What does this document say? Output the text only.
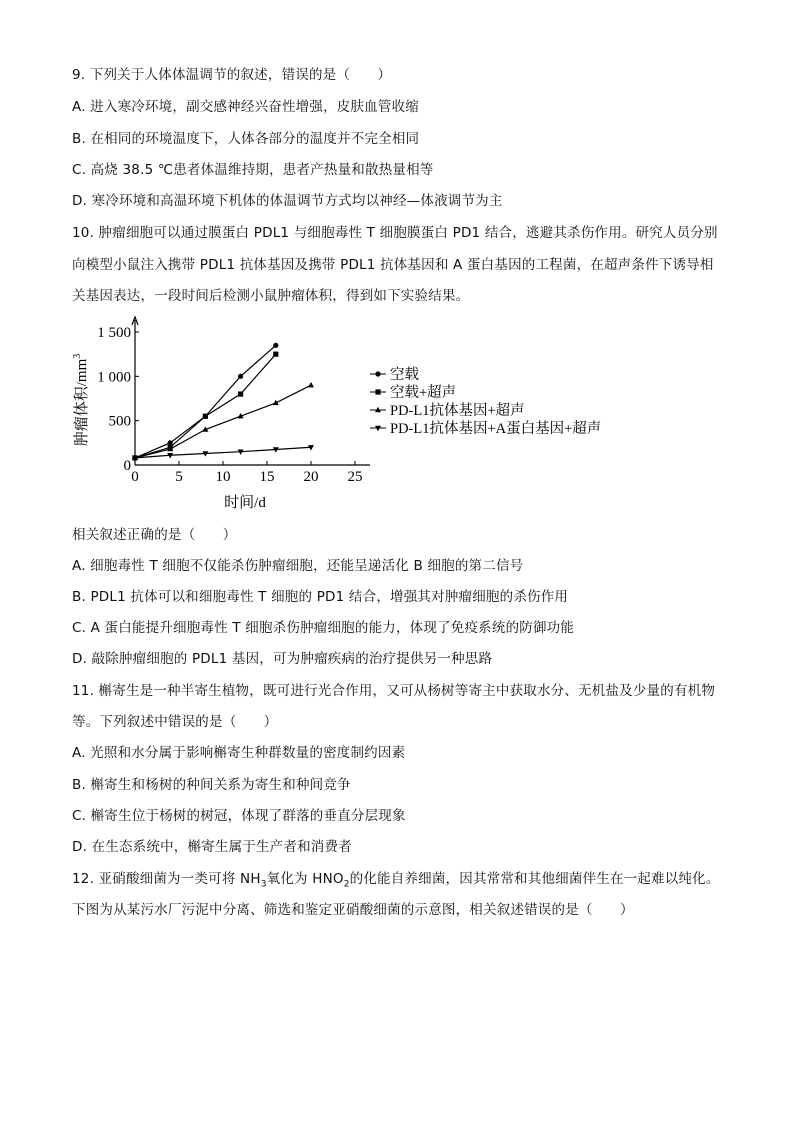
9. 下列关于人体体温调节的叙述，错误的是（　　）
A. 进入寒冷环境，副交感神经兴奋性增强，皮肤血管收缩
B. 在相同的环境温度下，人体各部分的温度并不完全相同
C. 高烧 38.5 ℃患者体温维持期，患者产热量和散热量相等
D. 寒冷环境和高温环境下机体的体温调节方式均以神经—体液调节为主
10. 肿瘤细胞可以通过膜蛋白 PDL1 与细胞毒性 T 细胞膜蛋白 PD1 结合，逃避其杀伤作用。研究人员分别
向模型小鼠注入携带 PDL1 抗体基因及携带 PDL1 抗体基因和 A 蛋白基因的工程菌，在超声条件下诱导相
关基因表达，一段时间后检测小鼠肿瘤体积，得到如下实验结果。
0 5 10 15 20 25
0
500
1 000
1 500
时间/d
肿瘤体积$/mm^3$
空载
空载+超声
PD-L1抗体基因+超声
PD-L1抗体基因+A蛋白基因+超声
相关叙述正确的是（　　）
A. 细胞毒性 T 细胞不仅能杀伤肿瘤细胞，还能呈递活化 B 细胞的第二信号
B. PDL1 抗体可以和细胞毒性 T 细胞的 PD1 结合，增强其对肿瘤细胞的杀伤作用
C. A 蛋白能提升细胞毒性 T 细胞杀伤肿瘤细胞的能力，体现了免疫系统的防御功能
D. 敲除肿瘤细胞的 PDL1 基因，可为肿瘤疾病的治疗提供另一种思路
11. 槲寄生是一种半寄生植物，既可进行光合作用，又可从杨树等寄主中获取水分、无机盐及少量的有机物
等。下列叙述中错误的是（　　）
A. 光照和水分属于影响槲寄生种群数量的密度制约因素
B. 槲寄生和杨树的种间关系为寄生和种间竞争
C. 槲寄生位于杨树的树冠，体现了群落的垂直分层现象
D. 在生态系统中，槲寄生属于生产者和消费者
12. 亚硝酸细菌为一类可将 $NH_3$氧化为 $HNO_2$的化能自养细菌，因其常常和其他细菌伴生在一起难以纯化。
下图为从某污水厂污泥中分离、筛选和鉴定亚硝酸细菌的示意图，相关叙述错误的是（　　）
